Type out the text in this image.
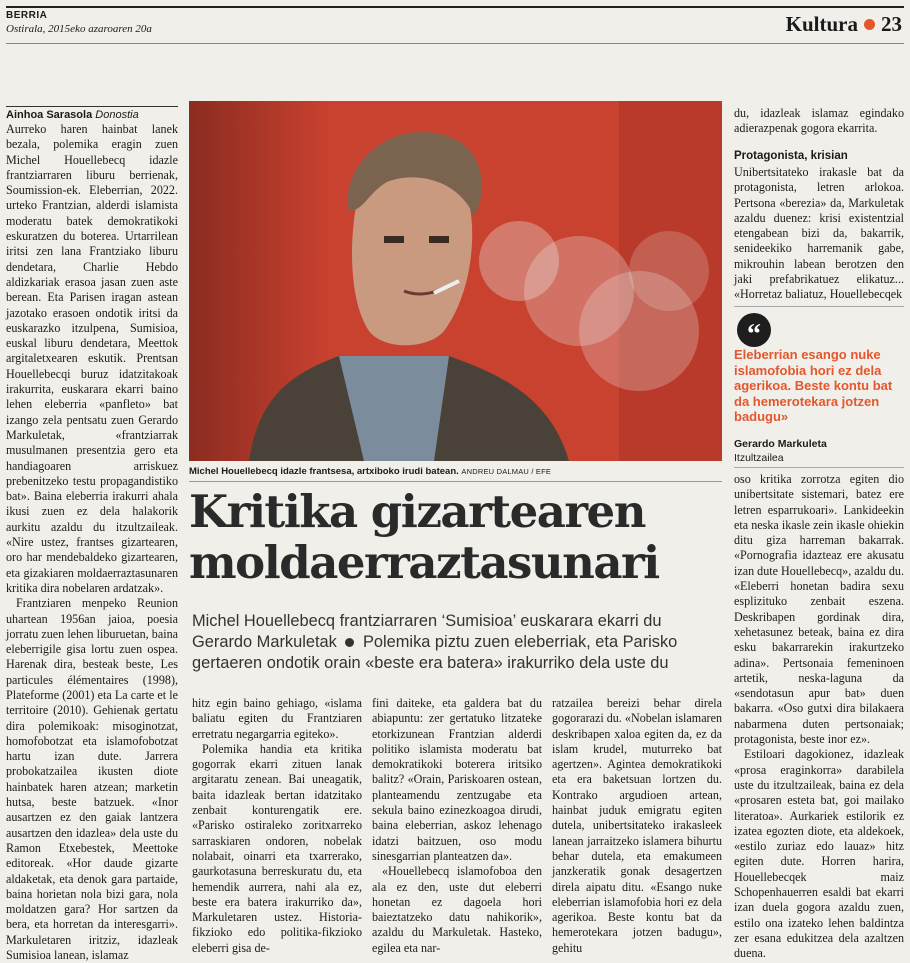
BERRIA
Ostirala, 2015eko azaroaren 20a	Kultura 23
Ainhoa Sarasola Donostia

Aurreko haren hainbat lanek bezala, polemika eragin zuen Michel Houellebecq idazle frantziarraren liburu berrienak, Soumission-ek. Eleberrian, 2022. urteko Frantzian, alderdi islamista moderatu batek demokratikoki eskuratzen du boterea. Urtarrilean iritsi zen lana Frantziako liburu dendetara, Charlie Hebdo aldizkariak erasoa jasan zuen aste berean. Eta Parisen iragan astean jazotako erasoen ondotik iritsi da euskarazko itzulpena, Sumisioa, euskal liburu dendetara, Meettok argitaletxearen eskutik. Prentsan Houellebecqi buruz idatzitakoak irakurrita, euskarara ekarri baino lehen eleberria «panfleto» bat izango zela pentsatu zuen Gerardo Markuletak, «frantziarrak musulmanen presentzia gero eta handiagoaren arriskuez prebenitzeko testu propagandistiko bat». Baina eleberria irakurri ahala ikusi zuen ez dela halakorik aurkitu azaldu du itzultzaileak. «Nire ustez, frantses gizartearen, oro har mendebaldeko gizartearen, eta gizakiaren moldaerraztasunaren kritika dira nobelaren ardatzak».

Frantziaren menpeko Reunion uhartean 1956an jaioa, poesia jorratu zuen lehen liburuetan, baina eleberrigile gisa lortu zuen ospea. Harenak dira, besteak beste, Les particules élémentaires (1998), Plateforme (2001) eta La carte et le territoire (2010). Gehienak gertatu dira polemikoak: misoginotzat, homofobotzat eta islamofobotzat hartu izan dute. Jarrera probokatzailea ikusten diote hainbatek haren atzean; marketin hutsa, beste batzuek. «Inor ausartzen ez den gaiak lantzera ausartzen den idazlea» dela uste du Ramon Etxebestek, Meettoke editoreak. «Hor daude gizarte aldaketak, eta denok gara partaide, baina horietan nola bizi gara, nola moldatzen gara? Hor sartzen da bera, eta horretan da interesgarri». Markuletaren iritziz, idazleak Sumisioa lanean, islamaz

Michel Houellebecq idazle frantsesa, artxiboko irudi batean. ANDREU DALMAU / EFE
Kritika gizartearen
moldaerraztasunari
Michel Houellebecq frantziarraren ‘Sumisioa’ euskarara ekarri du Gerardo Markuletak Polemika piztu zuen eleberriak, eta Parisko gertaeren ondotik orain «beste era batera» irakurriko dela uste du

hitz egin baino gehiago, «islama baliatu egiten du Frantziaren erretratu negargarria egiteko».

Polemika handia eta kritika gogorrak ekarri zituen lanak argitaratu zenean. Bai uneagatik, baita idazleak bertan idatzitako zenbait konturengatik ere. «Parisko ostiraleko zoritxarreko sarraskiaren ondoren, nobelak nolabait, oinarri eta txarrerako, gaurkotasuna berreskuratu du, eta hemendik aurrera, nahi ala ez, beste era batera irakurriko da», Markuletaren ustez. Historia-fikzioko edo politika-fikzioko eleberri gisa de-

fini daiteke, eta galdera bat du abiapuntu: zer gertatuko litzateke etorkizunean Frantzian alderdi politiko islamista moderatu bat demokratikoki boterera iritsiko balitz? «Orain, Pariskoaren ostean, planteamendu zentzugabe eta sekula baino ezinezkoagoa dirudi, baina eleberrian, askoz lehenago idatzi baitzuen, oso modu sinesgarrian planteatzen da».

«Houellebecq islamofoboa den ala ez den, uste dut eleberri honetan ez dagoela hori baieztatzeko datu nahikorik», azaldu du Markuletak. Hasteko, egilea eta nar-

ratzailea bereizi behar direla gogorarazi du. «Nobelan islamaren deskribapen xaloa egiten da, ez da islam krudel, muturreko bat agertzen». Agintea demokratikoki eta era baketsuan lortzen du. Kontrako argudioen artean, hainbat juduk emigratu egiten dutela, unibertsitateko irakasleek lanean jarraitzeko islamera bihurtu behar dutela, eta emakumeen janzkeratik gonak desagertzen direla aipatu ditu. «Esango nuke eleberrian islamofobia hori ez dela agerikoa. Beste kontu bat da hemerotekara jotzen badugu», gehitu

du, idazleak islamaz egindako adierazpenak gogora ekarrita.

Protagonista, krisian

Unibertsitateko irakasle bat da protagonista, letren arlokoa. Pertsona «berezia» da, Markuletak azaldu duenez: krisi existentzial etengabean bizi da, bakarrik, senideekiko harremanik gabe, mikrouhin labean berotzen den jaki prefabrikatuez elikatuz... «Horretaz baliatuz, Houellebecqek

“
Eleberrian esango nuke islamofobia hori ez dela agerikoa. Beste kontu bat da hemerotekara jotzen badugu»
Gerardo Markuleta
Itzultzailea

oso kritika zorrotza egiten dio unibertsitate sistemari, batez ere letren esparrukoari». Lankideekin eta neska ikasle zein ikasle ohiekin ditu giza harreman bakarrak. «Pornografia idazteaz ere akusatu izan dute Houellebecq», azaldu du. «Eleberri honetan badira sexu esplizituko zenbait eszena. Deskribapen gordinak dira, xehetasunez beteak, baina ez dira esku bakarrarekin irakurtzeko adina». Pertsonaia femeninoen artetik, neska-laguna da «sendotasun apur bat» duen bakarra. «Oso gutxi dira bilakaera nabarmena duten pertsonaiak; protagonista, beste inor ez».

Estiloari dagokionez, idazleak «prosa eraginkorra» darabilela uste du itzultzaileak, baina ez dela «prosaren esteta bat, goi mailako literatoa». Aurkariek estilorik ez izatea egozten diote, eta aldekoek, «estilo zuriaz edo lauaz» hitz egiten dute. Horren harira, Houellebecqek maiz Schopenhauerren esaldi bat ekarri izan duela gogora azaldu zuen, estilo ona izateko lehen baldintza zer esana edukitzea dela azaltzen duena.
